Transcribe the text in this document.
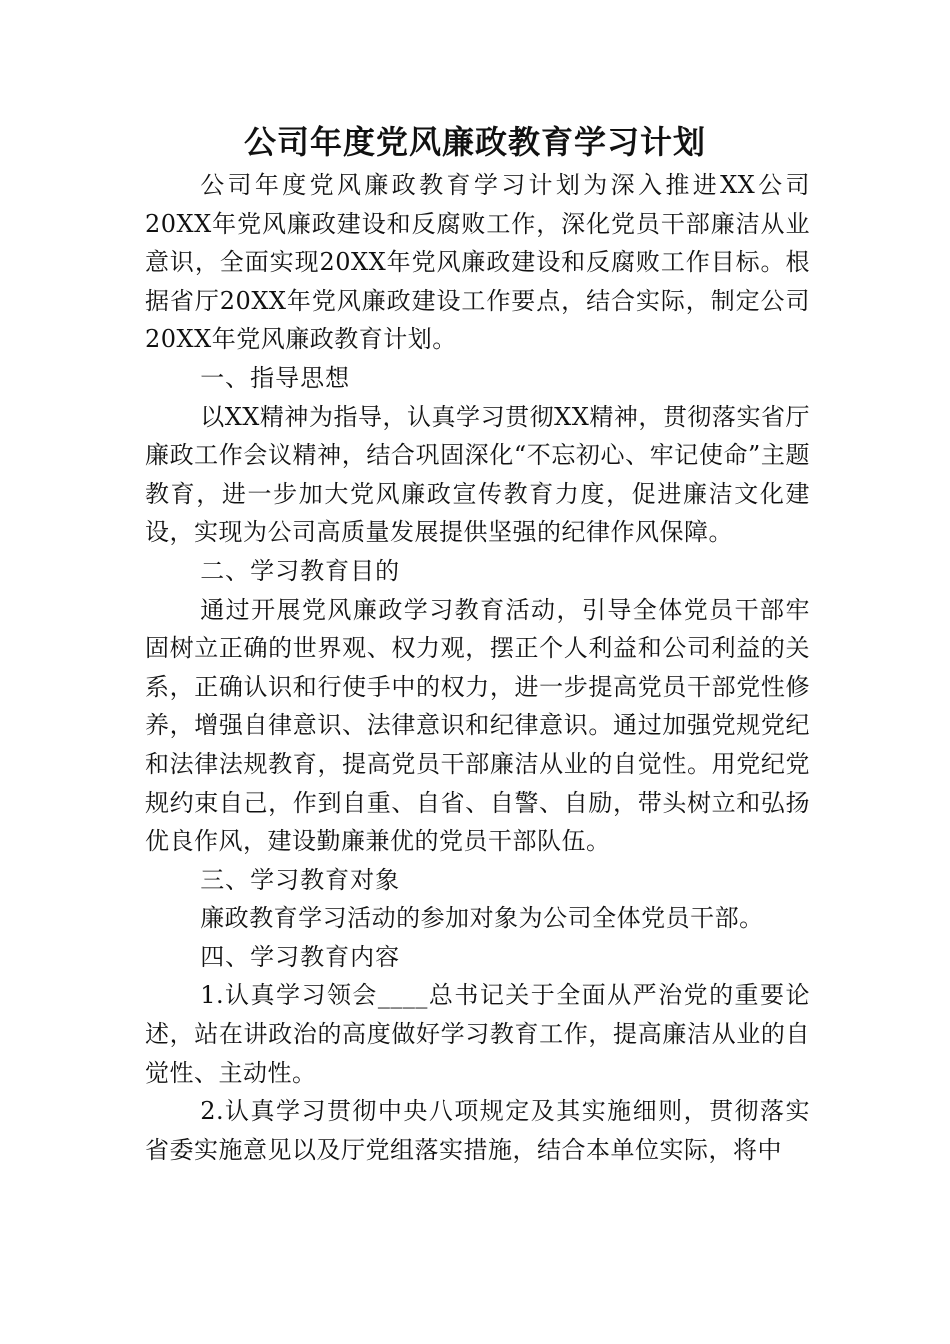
公司年度党风廉政教育学习计划

公司年度党风廉政教育学习计划为深入推进XX公司20XX年党风廉政建设和反腐败工作，深化党员干部廉洁从业意识，全面实现20XX年党风廉政建设和反腐败工作目标。根据省厅20XX年党风廉政建设工作要点，结合实际，制定公司20XX年党风廉政教育计划。

一、指导思想

以XX精神为指导，认真学习贯彻XX精神，贯彻落实省厅廉政工作会议精神，结合巩固深化“不忘初心、牢记使命”主题教育，进一步加大党风廉政宣传教育力度，促进廉洁文化建设，实现为公司高质量发展提供坚强的纪律作风保障。

二、学习教育目的

通过开展党风廉政学习教育活动，引导全体党员干部牢固树立正确的世界观、权力观，摆正个人利益和公司利益的关系，正确认识和行使手中的权力，进一步提高党员干部党性修养，增强自律意识、法律意识和纪律意识。通过加强党规党纪和法律法规教育，提高党员干部廉洁从业的自觉性。用党纪党规约束自己，作到自重、自省、自警、自励，带头树立和弘扬优良作风，建设勤廉兼优的党员干部队伍。

三、学习教育对象

廉政教育学习活动的参加对象为公司全体党员干部。

四、学习教育内容

1.认真学习领会____总书记关于全面从严治党的重要论述，站在讲政治的高度做好学习教育工作，提高廉洁从业的自觉性、主动性。

2.认真学习贯彻中央八项规定及其实施细则，贯彻落实省委实施意见以及厅党组落实措施，结合本单位实际，将中
